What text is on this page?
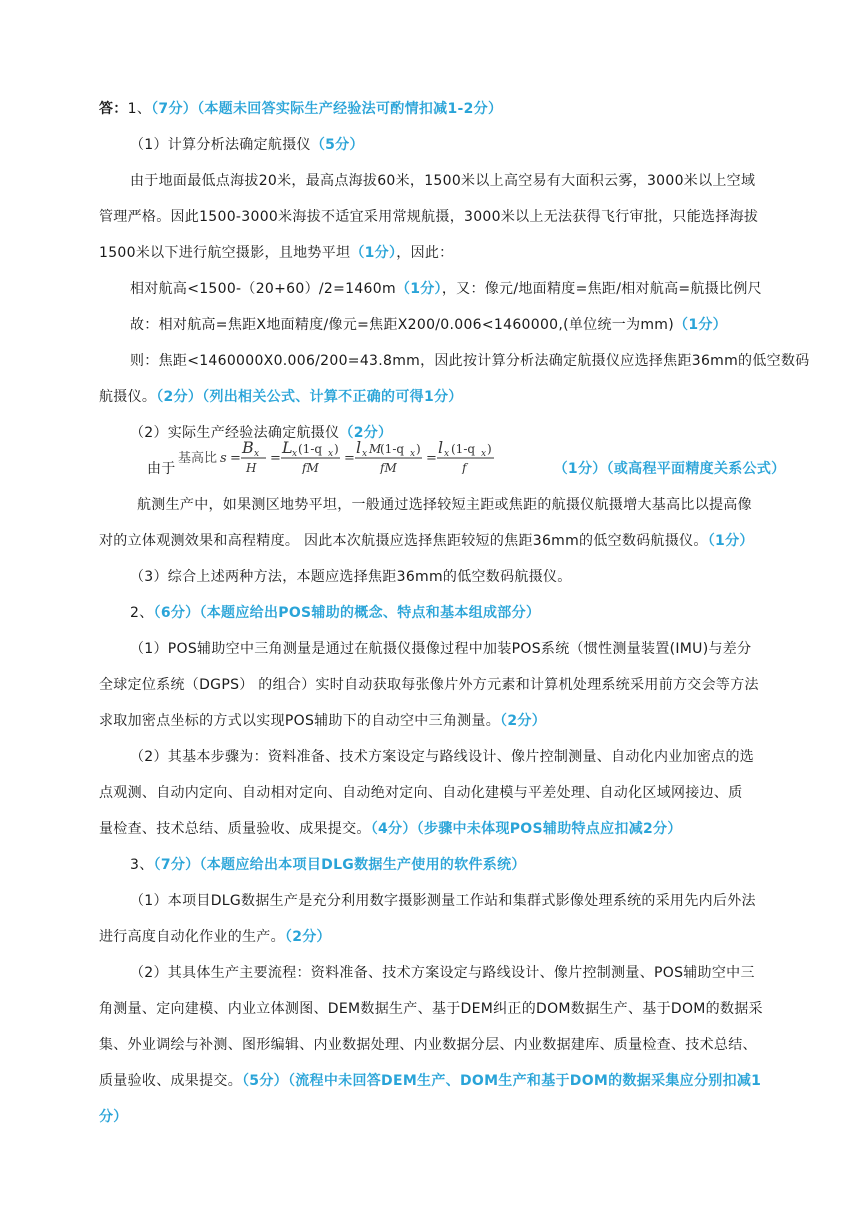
答：1、（7分）（本题未回答实际生产经验法可酌情扣减1-2分）
（1）计算分析法确定航摄仪（5分）
由于地面最低点海拔20米，最高点海拔60米，1500米以上高空易有大面积云雾，3000米以上空域
管理严格。因此1500-3000米海拔不适宜采用常规航摄，3000米以上无法获得飞行审批，只能选择海拔
1500米以下进行航空摄影，且地势平坦（1分），因此：
相对航高<1500-（20+60）/2=1460m（1分），又：像元/地面精度=焦距/相对航高=航摄比例尺
故：相对航高=焦距X地面精度/像元=焦距X200/0.006<1460000,(单位统一为mm)（1分）
则：焦距<1460000X0.006/200=43.8mm，因此按计算分析法确定航摄仪应选择焦距36mm的低空数码
航摄仪。（2分）（列出相关公式、计算不正确的可得1分）
（2）实际生产经验法确定航摄仪（2分）
由于	（1分）（或高程平面精度关系公式）
基高比 s =
B x
H
=
L x (1-q x )
fM
=
l x M
(1-q x )
fM
=
l x (1-q x )
f
航测生产中，如果测区地势平坦，一般通过选择较短主距或焦距的航摄仪航摄增大基高比以提高像
对的立体观测效果和高程精度。 因此本次航摄应选择焦距较短的焦距36mm的低空数码航摄仪。（1分）
（3）综合上述两种方法，本题应选择焦距36mm的低空数码航摄仪。
2、（6分）（本题应给出POS辅助的概念、特点和基本组成部分）
（1）POS辅助空中三角测量是通过在航摄仪摄像过程中加装POS系统（惯性测量装置(IMU)与差分
全球定位系统（DGPS） 的组合）实时自动获取每张像片外方元素和计算机处理系统采用前方交会等方法
求取加密点坐标的方式以实现POS辅助下的自动空中三角测量。（2分）
（2）其基本步骤为：资料准备、技术方案设定与路线设计、像片控制测量、自动化内业加密点的选
点观测、自动内定向、自动相对定向、自动绝对定向、自动化建模与平差处理、自动化区域网接边、质
量检查、技术总结、质量验收、成果提交。（4分）（步骤中未体现POS辅助特点应扣减2分）
3、（7分）（本题应给出本项目DLG数据生产使用的软件系统）
（1）本项目DLG数据生产是充分利用数字摄影测量工作站和集群式影像处理系统的采用先内后外法
进行高度自动化作业的生产。（2分）
（2）其具体生产主要流程：资料准备、技术方案设定与路线设计、像片控制测量、POS辅助空中三
角测量、定向建模、内业立体测图、DEM数据生产、基于DEM纠正的DOM数据生产、基于DOM的数据采
集、外业调绘与补测、图形编辑、内业数据处理、内业数据分层、内业数据建库、质量检查、技术总结、
质量验收、成果提交。（5分）（流程中未回答DEM生产、DOM生产和基于DOM的数据采集应分别扣减1
分）
